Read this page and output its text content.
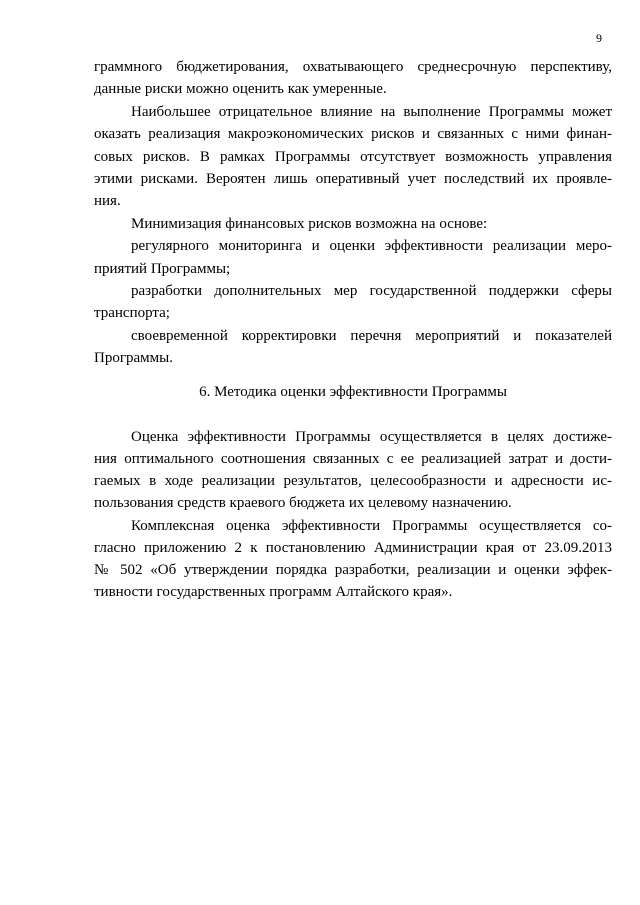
9
граммного бюджетирования, охватывающего среднесрочную перспективу,
данные риски можно оценить как умеренные.
Наибольшее отрицательное влияние на выполнение Программы может
оказать реализация макроэкономических рисков и связанных с ними финан-
совых рисков. В рамках Программы отсутствует возможность управления
этими рисками. Вероятен лишь оперативный учет последствий их проявле-
ния.
Минимизация финансовых рисков возможна на основе:
регулярного мониторинга и оценки эффективности реализации меро-
приятий Программы;
разработки дополнительных мер государственной поддержки сферы
транспорта;
своевременной корректировки перечня мероприятий и показателей
Программы.
6. Методика оценки эффективности Программы
Оценка эффективности Программы осуществляется в целях достиже-
ния оптимального соотношения связанных с ее реализацией затрат и дости-
гаемых в ходе реализации результатов, целесообразности и адресности ис-
пользования средств краевого бюджета их целевому назначению.
Комплексная оценка эффективности Программы осуществляется со-
гласно приложению 2 к постановлению Администрации края от 23.09.2013
№ 502 «Об утверждении порядка разработки, реализации и оценки эффек-
тивности государственных программ Алтайского края».
